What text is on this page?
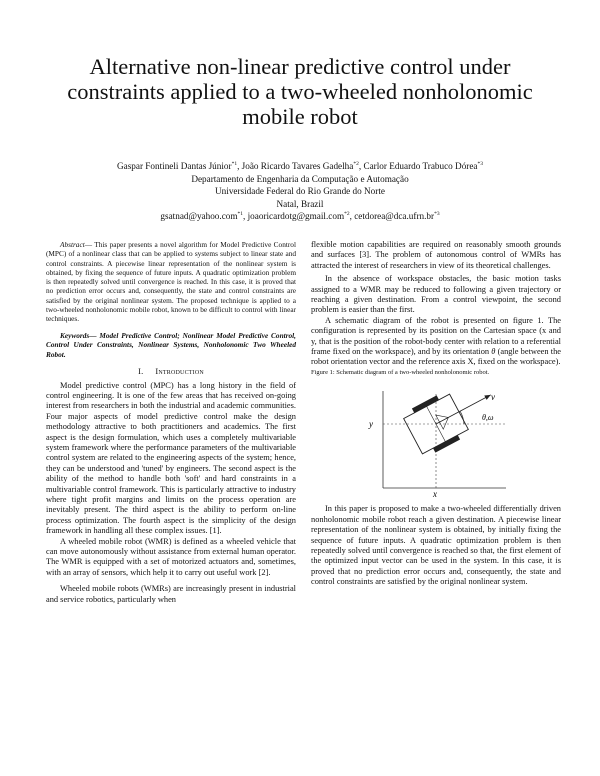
Alternative non-linear predictive control under constraints applied to a two-wheeled nonholonomic mobile robot
Gaspar Fontineli Dantas Júnior$^{*1}$, João Ricardo Tavares Gadelha$^{*2}$, Carlor Eduardo Trabuco Dórea$^{*3}$
Departamento de Engenharia da Computação e Automação
Universidade Federal do Rio Grande do Norte
Natal, Brazil
gsatnad@yahoo.com$^{*1}$, joaoricardotg@gmail.com$^{*2}$, $cetdorea@dca.ufrn.br^{*3}$

Abstract— This paper presents a novel algorithm for Model Predictive Control (MPC) of a nonlinear class that can be applied to systems subject to linear state and control constraints. A piecewise linear representation of the nonlinear system is obtained, by fixing the sequence of future inputs. A quadratic optimization problem is then repeatedly solved until convergence is reached. In this case, it is proved that no prediction error occurs and, consequently, the state and control constraints are satisfied by the original nonlinear system. The proposed technique is applied to a two-wheeled nonholonomic mobile robot, known to be difficult to control with linear techniques.

Keywords— Model Predictive Control; Nonlinear Model Predictive Control, Control Under Constraints, Nonlinear Systems, Nonholonomic Two Wheeled Robot.

I. Introduction

Model predictive control (MPC) has a long history in the field of control engineering. It is one of the few areas that has received on-going interest from researchers in both the industrial and academic communities. Four major aspects of model predictive control make the design methodology attractive to both practitioners and academics. The first aspect is the design formulation, which uses a completely multivariable system framework where the performance parameters of the multivariable control system are related to the engineering aspects of the system; hence, they can be understood and 'tuned' by engineers. The second aspect is the ability of the method to handle both 'soft' and hard constraints in a multivariable control framework. This is particularly attractive to industry where tight profit margins and limits on the process operation are inevitably present. The third aspect is the ability to perform on-line process optimization. The fourth aspect is the simplicity of the design framework in handling all these complex issues. [1].

A wheeled mobile robot (WMR) is defined as a wheeled vehicle that can move autonomously without assistance from external human operator. The WMR is equipped with a set of motorized actuators and, sometimes, with an array of sensors, which help it to carry out useful work [2].

Wheeled mobile robots (WMRs) are increasingly present in industrial and service robotics, particularly when

flexible motion capabilities are required on reasonably smooth grounds and surfaces [3]. The problem of autonomous control of WMRs has attracted the interest of researchers in view of its theoretical challenges.

In the absence of workspace obstacles, the basic motion tasks assigned to a WMR may be reduced to following a given trajectory or reaching a given destination. From a control viewpoint, the second problem is easier than the first.

A schematic diagram of the robot is presented on figure 1. The configuration is represented by its position on the Cartesian space (x and y, that is the position of the robot-body center with relation to a referential frame fixed on the workspace), and by its orientation θ (angle between the robot orientation vector and the reference axis X, fixed on the workspace).

Figure 1: Schematic diagram of a two-wheeled nonholonomic robot.

v
θ,ω
y
x

In this paper is proposed to make a two-wheeled differentially driven nonholonomic mobile robot reach a given destination. A piecewise linear representation of the nonlinear system is obtained, by initially fixing the sequence of future inputs. A quadratic optimization problem is then repeatedly solved until convergence is reached so that, the first element of the optimized input vector can be used in the system. In this case, it is proved that no prediction error occurs and, consequently, the state and control constraints are satisfied by the original nonlinear system.
